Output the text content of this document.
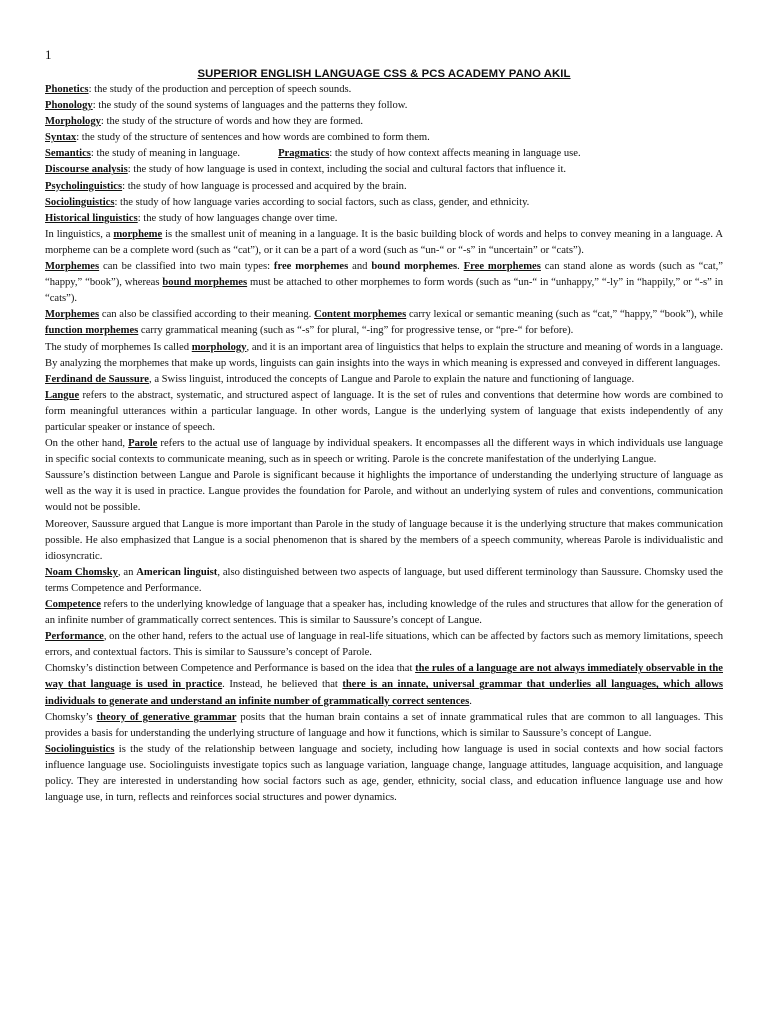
1
SUPERIOR ENGLISH LANGUAGE CSS & PCS ACADEMY PANO AKIL

Phonetics: the study of the production and perception of speech sounds.

Phonology: the study of the sound systems of languages and the patterns they follow.

Morphology: the study of the structure of words and how they are formed.

Syntax: the study of the structure of sentences and how words are combined to form them.

Semantics: the study of meaning in language.	Pragmatics: the study of how context affects meaning in language use.

Discourse analysis: the study of how language is used in context, including the social and cultural factors that influence it.

Psycholinguistics: the study of how language is processed and acquired by the brain.

Sociolinguistics: the study of how language varies according to social factors, such as class, gender, and ethnicity.

Historical linguistics: the study of how languages change over time.

In linguistics, a morpheme is the smallest unit of meaning in a language. It is the basic building block of words and helps to convey meaning in a language. A morpheme can be a complete word (such as “cat”), or it can be a part of a word (such as “un-“ or “-s” in “uncertain” or “cats”).

Morphemes can be classified into two main types: free morphemes and bound morphemes. Free morphemes can stand alone as words (such as “cat,” “happy,” “book”), whereas bound morphemes must be attached to other morphemes to form words (such as “un-“ in “unhappy,” “-ly” in “happily,” or “-s” in “cats”).

Morphemes can also be classified according to their meaning. Content morphemes carry lexical or semantic meaning (such as “cat,” “happy,” “book”), while function morphemes carry grammatical meaning (such as “-s” for plural, “-ing” for progressive tense, or “pre-“ for before).

The study of morphemes Is called morphology, and it is an important area of linguistics that helps to explain the structure and meaning of words in a language. By analyzing the morphemes that make up words, linguists can gain insights into the ways in which meaning is expressed and conveyed in different languages.

Ferdinand de Saussure, a Swiss linguist, introduced the concepts of Langue and Parole to explain the nature and functioning of language.

Langue refers to the abstract, systematic, and structured aspect of language. It is the set of rules and conventions that determine how words are combined to form meaningful utterances within a particular language. In other words, Langue is the underlying system of language that exists independently of any particular speaker or instance of speech.

On the other hand, Parole refers to the actual use of language by individual speakers. It encompasses all the different ways in which individuals use language in specific social contexts to communicate meaning, such as in speech or writing. Parole is the concrete manifestation of the underlying Langue.

Saussure’s distinction between Langue and Parole is significant because it highlights the importance of understanding the underlying structure of language as well as the way it is used in practice. Langue provides the foundation for Parole, and without an underlying system of rules and conventions, communication would not be possible.

Moreover, Saussure argued that Langue is more important than Parole in the study of language because it is the underlying structure that makes communication possible. He also emphasized that Langue is a social phenomenon that is shared by the members of a speech community, whereas Parole is individualistic and idiosyncratic.

Noam Chomsky, an American linguist, also distinguished between two aspects of language, but used different terminology than Saussure. Chomsky used the terms Competence and Performance.

Competence refers to the underlying knowledge of language that a speaker has, including knowledge of the rules and structures that allow for the generation of an infinite number of grammatically correct sentences. This is similar to Saussure’s concept of Langue.

Performance, on the other hand, refers to the actual use of language in real-life situations, which can be affected by factors such as memory limitations, speech errors, and contextual factors. This is similar to Saussure’s concept of Parole.

Chomsky’s distinction between Competence and Performance is based on the idea that the rules of a language are not always immediately observable in the way that language is used in practice. Instead, he believed that there is an innate, universal grammar that underlies all languages, which allows individuals to generate and understand an infinite number of grammatically correct sentences.

Chomsky’s theory of generative grammar posits that the human brain contains a set of innate grammatical rules that are common to all languages. This provides a basis for understanding the underlying structure of language and how it functions, which is similar to Saussure’s concept of Langue.

Sociolinguistics is the study of the relationship between language and society, including how language is used in social contexts and how social factors influence language use. Sociolinguists investigate topics such as language variation, language change, language attitudes, language acquisition, and language policy. They are interested in understanding how social factors such as age, gender, ethnicity, social class, and education influence language use and how language use, in turn, reflects and reinforces social structures and power dynamics.
